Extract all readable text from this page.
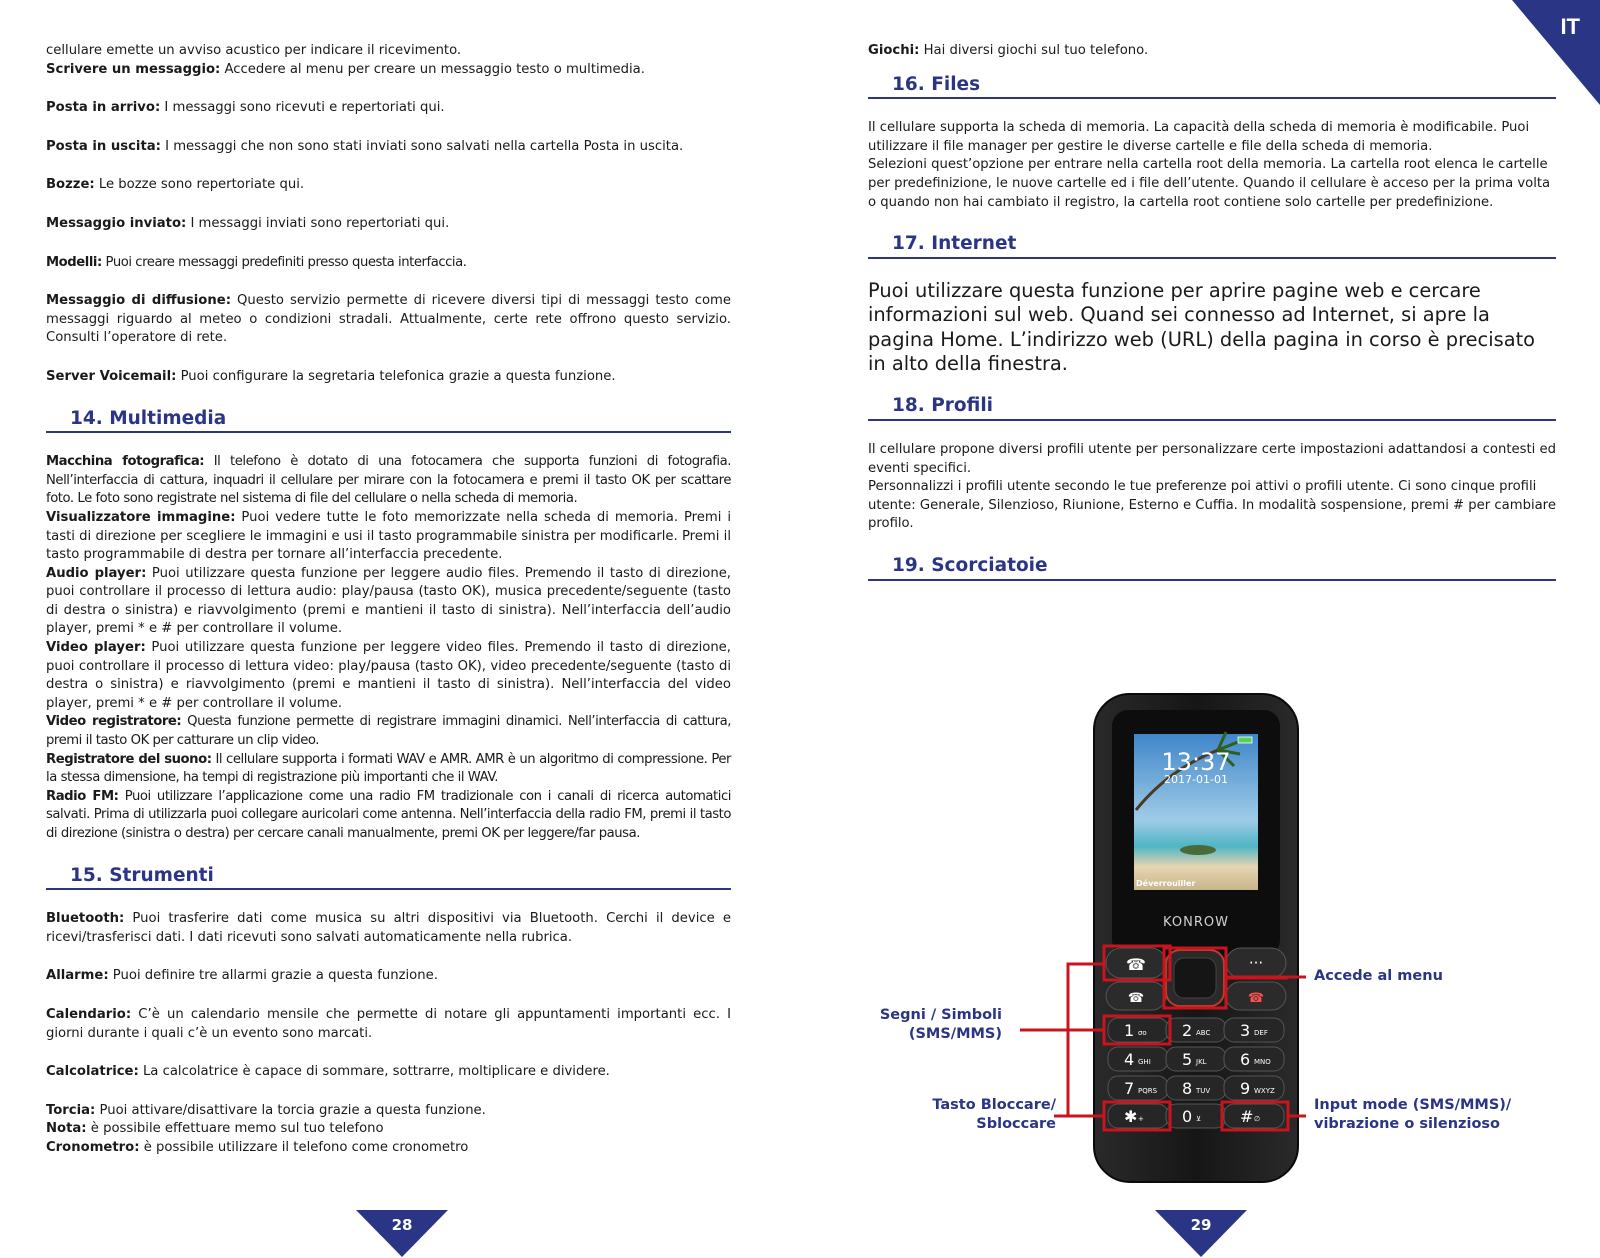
IT

cellulare emette un avviso acustico per indicare il ricevimento.

Scrivere un messaggio: Accedere al menu per creare un messaggio testo o multimedia.

Posta in arrivo: I messaggi sono ricevuti e repertoriati qui.

Posta in uscita: I messaggi che non sono stati inviati sono salvati nella cartella Posta in uscita.

Bozze: Le bozze sono repertoriate qui.

Messaggio inviato: I messaggi inviati sono repertoriati qui.

Modelli: Puoi creare messaggi predefiniti presso questa interfaccia.

Messaggio di diffusione: Questo servizio permette di ricevere diversi tipi di messaggi testo come messaggi riguardo al meteo o condizioni stradali. Attualmente, certe rete offrono questo servizio. Consulti l’operatore di rete.

Server Voicemail: Puoi configurare la segretaria telefonica grazie a questa funzione.

14. Multimedia

Macchina fotografica: Il telefono è dotato di una fotocamera che supporta funzioni di fotografia. Nell’interfaccia di cattura, inquadri il cellulare per mirare con la fotocamera e premi il tasto OK per scattare foto. Le foto sono registrate nel sistema di file del cellulare o nella scheda di memoria.

Visualizzatore immagine: Puoi vedere tutte le foto memorizzate nella scheda di memoria. Premi i tasti di direzione per scegliere le immagini e usi il tasto programmabile sinistra per modificarle. Premi il tasto programmabile di destra per tornare all’interfaccia precedente.

Audio player: Puoi utilizzare questa funzione per leggere audio files. Premendo il tasto di direzione, puoi controllare il processo di lettura audio: play/pausa (tasto OK), musica precedente/seguente (tasto di destra o sinistra) e riavvolgimento (premi e mantieni il tasto di sinistra). Nell’interfaccia dell’audio player, premi * e # per controllare il volume.

Video player: Puoi utilizzare questa funzione per leggere video files. Premendo il tasto di direzione, puoi controllare il processo di lettura video: play/pausa (tasto OK), video precedente/seguente (tasto di destra o sinistra) e riavvolgimento (premi e mantieni il tasto di sinistra). Nell’interfaccia del video player, premi * e # per controllare il volume.

Video registratore: Questa funzione permette di registrare immagini dinamici. Nell’interfaccia di cattura, premi il tasto OK per catturare un clip video.

Registratore del suono: Il cellulare supporta i formati WAV e AMR. AMR è un algoritmo di compressione. Per la stessa dimensione, ha tempi di registrazione più importanti che il WAV.

Radio FM: Puoi utilizzare l’applicazione come una radio FM tradizionale con i canali di ricerca automatici salvati. Prima di utilizzarla puoi collegare auricolari come antenna. Nell’interfaccia della radio FM, premi il tasto di direzione (sinistra o destra) per cercare canali manualmente, premi OK per leggere/far pausa.

15. Strumenti

Bluetooth: Puoi trasferire dati come musica su altri dispositivi via Bluetooth. Cerchi il device e ricevi/trasferisci dati. I dati ricevuti sono salvati automaticamente nella rubrica.

Allarme: Puoi definire tre allarmi grazie a questa funzione.

Calendario: C’è un calendario mensile che permette di notare gli appuntamenti importanti ecc. I giorni durante i quali c’è un evento sono marcati.

Calcolatrice: La calcolatrice è capace di sommare, sottrarre, moltiplicare e dividere.

Torcia: Puoi attivare/disattivare la torcia grazie a questa funzione.

Nota: è possibile effettuare memo sul tuo telefono

Cronometro: è possibile utilizzare il telefono come cronometro

Giochi: Hai diversi giochi sul tuo telefono.

16. Files

Il cellulare supporta la scheda di memoria. La capacità della scheda di memoria è modificabile. Puoi utilizzare il file manager per gestire le diverse cartelle e file della scheda di memoria.

Selezioni quest’opzione per entrare nella cartella root della memoria. La cartella root elenca le cartelle per predefinizione, le nuove cartelle ed i file dell’utente. Quando il cellulare è acceso per la prima volta o quando non hai cambiato il registro, la cartella root contiene solo cartelle per predefinizione.

17. Internet

Puoi utilizzare questa funzione per aprire pagine web e cercare informazioni sul web. Quand sei connesso ad Internet, si apre la pagina Home. L’indirizzo web (URL) della pagina in corso è precisato in alto della finestra.

18. Profili

Il cellulare propone diversi profili utente per personalizzare certe impostazioni adattandosi a contesti ed eventi specifici.

Personnalizzi i profili utente secondo le tue preferenze poi attivi o profili utente. Ci sono cinque profili utente: Generale, Silenzioso, Riunione, Esterno e Cuffia. In modalità sospensione, premi # per cambiare profilo.

19. Scorciatoie
13:37
2017-01-01
Déverrouiller
KONROW
☎
☎
···
☎
1 σο 2 ABC 3 DEF
4 GHI 5 JKL 6 MNO
7 PQRS 8 TUV 9 WXYZ
✱ + 0 ⊻ # ∅
Accede al menu
Segni / Simboli
(SMS/MMS)
Tasto Bloccare/
Sbloccare
Input mode (SMS/MMS)/
vibrazione o silenzioso
28	29
